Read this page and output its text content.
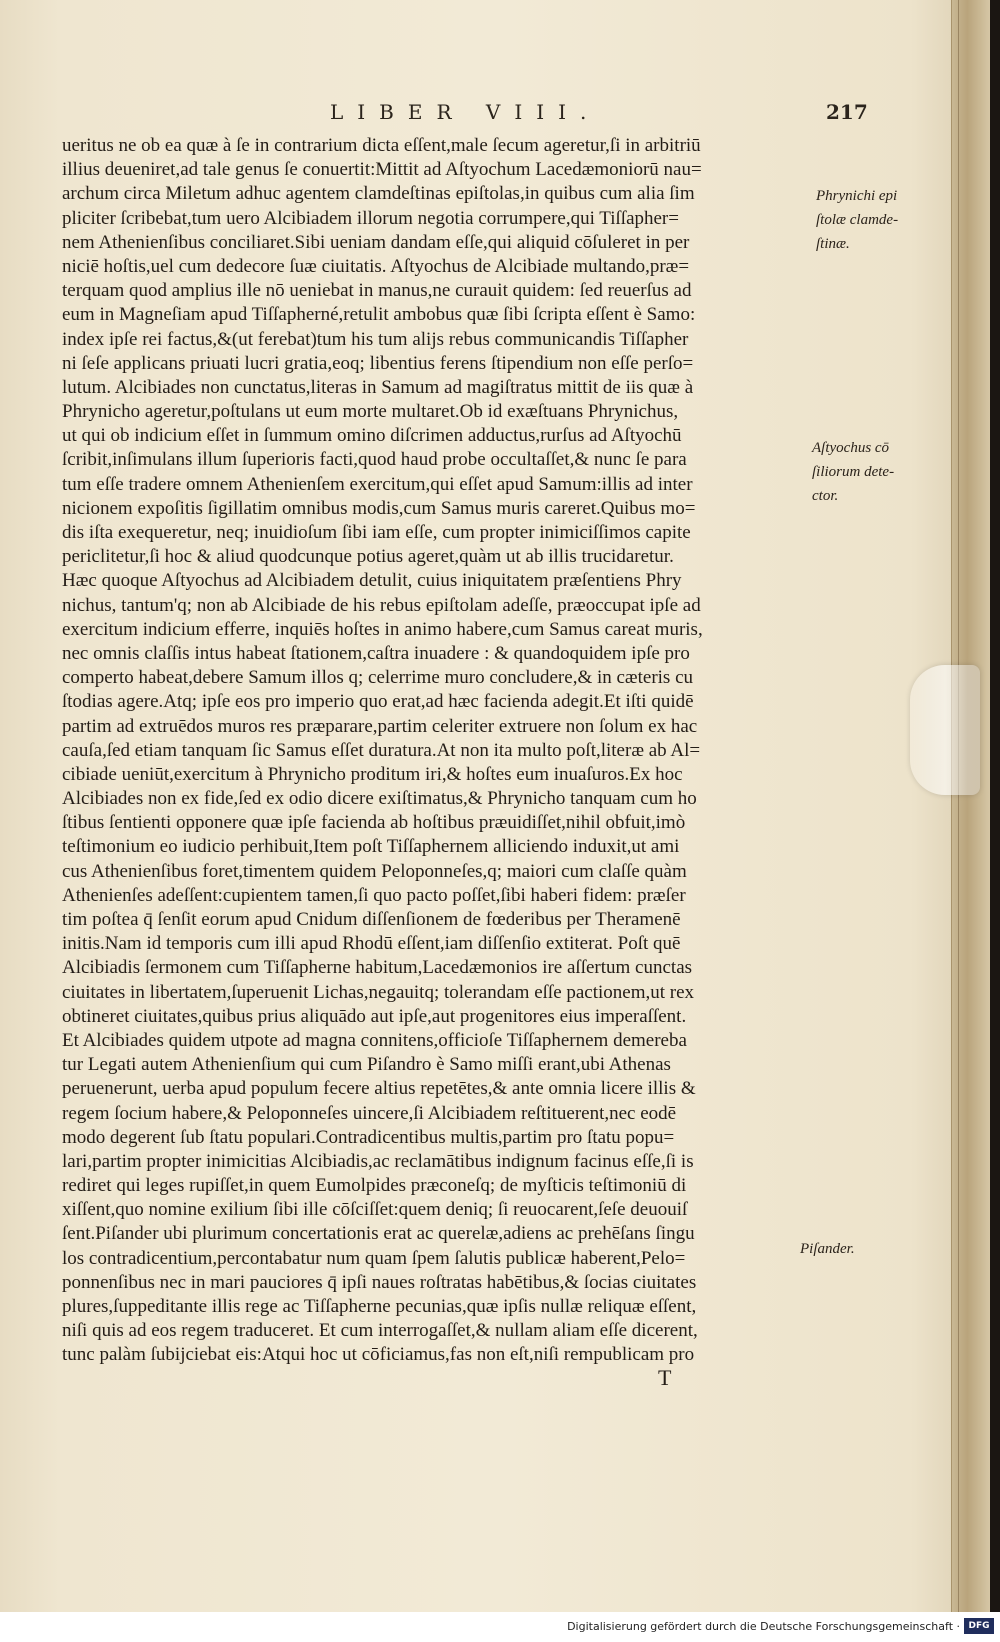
LIBER VIII.	217
ueritus ne ob ea quæ à ſe in contrarium dicta eſſent,male ſecum ageretur,ſi in arbitriū
illius deueniret,ad tale genus ſe conuertit:Mittit ad Aſtyochum Lacedæmoniorū nau=
archum circa Miletum adhuc agentem clamdeſtinas epiſtolas,in quibus cum alia ſim
pliciter ſcribebat,tum uero Alcibiadem illorum negotia corrumpere,qui Tiſſapher=
nem Athenienſibus conciliaret.Sibi ueniam dandam eſſe,qui aliquid cōſuleret in per
niciē hoſtis,uel cum dedecore ſuæ ciuitatis. Aſtyochus de Alcibiade multando,præ=
terquam quod amplius ille nō ueniebat in manus,ne curauit quidem: ſed reuerſus ad
eum in Magneſiam apud Tiſſapherné,retulit ambobus quæ ſibi ſcripta eſſent è Samo:
index ipſe rei factus,&(ut ferebat)tum his tum alijs rebus communicandis Tiſſapher
ni ſeſe applicans priuati lucri gratia,eoq; libentius ferens ſtipendium non eſſe perſo=
lutum. Alcibiades non cunctatus,literas in Samum ad magiſtratus mittit de iis quæ à
Phrynicho ageretur,poſtulans ut eum morte multaret.Ob id exæſtuans Phrynichus,
ut qui ob indicium eſſet in ſummum omino diſcrimen adductus,rurſus ad Aſtyochū
ſcribit,inſimulans illum ſuperioris facti,quod haud probe occultaſſet,& nunc ſe para
tum eſſe tradere omnem Athenienſem exercitum,qui eſſet apud Samum:illis ad inter
nicionem expoſitis ſigillatim omnibus modis,cum Samus muris careret.Quibus mo=
dis iſta exequeretur, neq; inuidioſum ſibi iam eſſe, cum propter inimiciſſimos capite
periclitetur,ſi hoc & aliud quodcunque potius ageret,quàm ut ab illis trucidaretur.
Hæc quoque Aſtyochus ad Alcibiadem detulit, cuius iniquitatem præſentiens Phry
nichus, tantum'q; non ab Alcibiade de his rebus epiſtolam adeſſe, præoccupat ipſe ad
exercitum indicium efferre, inquiēs hoſtes in animo habere,cum Samus careat muris,
nec omnis claſſis intus habeat ſtationem,caſtra inuadere : & quandoquidem ipſe pro
comperto habeat,debere Samum illos q; celerrime muro concludere,& in cæteris cu
ſtodias agere.Atq; ipſe eos pro imperio quo erat,ad hæc facienda adegit.Et iſti quidē
partim ad extruēdos muros res præparare,partim celeriter extruere non ſolum ex hac
cauſa,ſed etiam tanquam ſic Samus eſſet duratura.At non ita multo poſt,literæ ab Al=
cibiade ueniūt,exercitum à Phrynicho proditum iri,& hoſtes eum inuaſuros.Ex hoc
Alcibiades non ex fide,ſed ex odio dicere exiſtimatus,& Phrynicho tanquam cum ho
ſtibus ſentienti opponere quæ ipſe facienda ab hoſtibus præuidiſſet,nihil obfuit,imò
teſtimonium eo iudicio perhibuit,Item poſt Tiſſaphernem alliciendo induxit,ut ami
cus Athenienſibus foret,timentem quidem Peloponneſes,q; maiori cum claſſe quàm
Athenienſes adeſſent:cupientem tamen,ſi quo pacto poſſet,ſibi haberi fidem: præſer
tim poſtea q̄ ſenſit eorum apud Cnidum diſſenſionem de fœderibus per Theramenē
initis.Nam id temporis cum illi apud Rhodū eſſent,iam diſſenſio extiterat. Poſt quē
Alcibiadis ſermonem cum Tiſſapherne habitum,Lacedæmonios ire aſſertum cunctas
ciuitates in libertatem,ſuperuenit Lichas,negauitq; tolerandam eſſe pactionem,ut rex
obtineret ciuitates,quibus prius aliquādo aut ipſe,aut progenitores eius imperaſſent.
Et Alcibiades quidem utpote ad magna connitens,officioſe Tiſſaphernem demereba
tur Legati autem Athenienſium qui cum Piſandro è Samo miſſi erant,ubi Athenas
peruenerunt, uerba apud populum fecere altius repetētes,& ante omnia licere illis &
regem ſocium habere,& Peloponneſes uincere,ſi Alcibiadem reſtituerent,nec eodē
modo degerent ſub ſtatu populari.Contradicentibus multis,partim pro ſtatu popu=
lari,partim propter inimicitias Alcibiadis,ac reclamātibus indignum facinus eſſe,ſi is
rediret qui leges rupiſſet,in quem Eumolpides præconeſq; de myſticis teſtimoniū di
xiſſent,quo nomine exilium ſibi ille cōſciſſet:quem deniq; ſi reuocarent,ſeſe deuouiſ
ſent.Piſander ubi plurimum concertationis erat ac querelæ,adiens ac prehēſans ſingu
los contradicentium,percontabatur num quam ſpem ſalutis publicæ haberent,Pelo=
ponnenſibus nec in mari pauciores q̄ ipſi naues roſtratas habētibus,& ſocias ciuitates
plures,ſuppeditante illis rege ac Tiſſapherne pecunias,quæ ipſis nullæ reliquæ eſſent,
niſi quis ad eos regem traduceret. Et cum interrogaſſet,& nullam aliam eſſe dicerent,
tunc palàm ſubijciebat eis:Atqui hoc ut cōficiamus,fas non eſt,niſi rempublicam pro
Phrynichi epi
ſtolæ clamde-
ſtinæ.
Aſtyochus cō
ſiliorum dete-
ctor.
Piſander.
T
Digitalisierung gefördert durch die Deutsche Forschungsgemeinschaft · DFG
